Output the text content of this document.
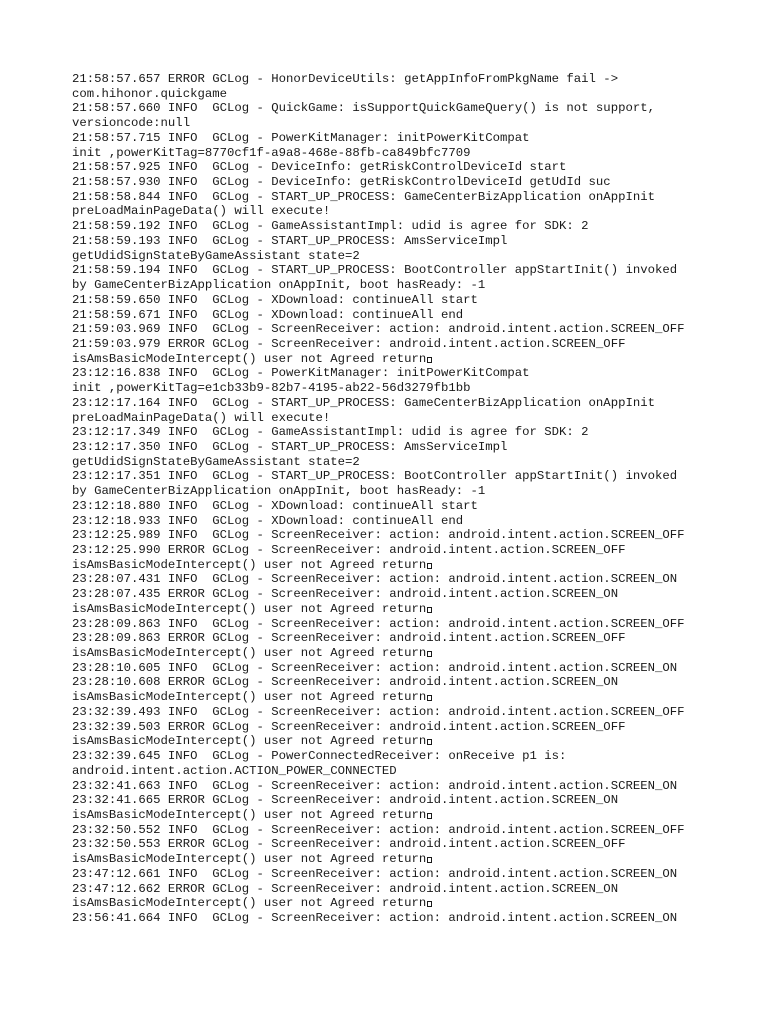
21:58:57.657 ERROR GCLog - HonorDeviceUtils: getAppInfoFromPkgName fail ->
com.hihonor.quickgame
21:58:57.660 INFO  GCLog - QuickGame: isSupportQuickGameQuery() is not support,
versioncode:null
21:58:57.715 INFO  GCLog - PowerKitManager: initPowerKitCompat
init ,powerKitTag=8770cf1f-a9a8-468e-88fb-ca849bfc7709
21:58:57.925 INFO  GCLog - DeviceInfo: getRiskControlDeviceId start
21:58:57.930 INFO  GCLog - DeviceInfo: getRiskControlDeviceId getUdId suc
21:58:58.844 INFO  GCLog - START_UP_PROCESS: GameCenterBizApplication onAppInit
preLoadMainPageData() will execute!
21:58:59.192 INFO  GCLog - GameAssistantImpl: udid is agree for SDK: 2
21:58:59.193 INFO  GCLog - START_UP_PROCESS: AmsServiceImpl
getUdidSignStateByGameAssistant state=2
21:58:59.194 INFO  GCLog - START_UP_PROCESS: BootController appStartInit() invoked
by GameCenterBizApplication onAppInit, boot hasReady: -1
21:58:59.650 INFO  GCLog - XDownload: continueAll start
21:58:59.671 INFO  GCLog - XDownload: continueAll end
21:59:03.969 INFO  GCLog - ScreenReceiver: action: android.intent.action.SCREEN_OFF
21:59:03.979 ERROR GCLog - ScreenReceiver: android.intent.action.SCREEN_OFF
isAmsBasicModeIntercept() user not Agreed return
23:12:16.838 INFO  GCLog - PowerKitManager: initPowerKitCompat
init ,powerKitTag=e1cb33b9-82b7-4195-ab22-56d3279fb1bb
23:12:17.164 INFO  GCLog - START_UP_PROCESS: GameCenterBizApplication onAppInit
preLoadMainPageData() will execute!
23:12:17.349 INFO  GCLog - GameAssistantImpl: udid is agree for SDK: 2
23:12:17.350 INFO  GCLog - START_UP_PROCESS: AmsServiceImpl
getUdidSignStateByGameAssistant state=2
23:12:17.351 INFO  GCLog - START_UP_PROCESS: BootController appStartInit() invoked
by GameCenterBizApplication onAppInit, boot hasReady: -1
23:12:18.880 INFO  GCLog - XDownload: continueAll start
23:12:18.933 INFO  GCLog - XDownload: continueAll end
23:12:25.989 INFO  GCLog - ScreenReceiver: action: android.intent.action.SCREEN_OFF
23:12:25.990 ERROR GCLog - ScreenReceiver: android.intent.action.SCREEN_OFF
isAmsBasicModeIntercept() user not Agreed return
23:28:07.431 INFO  GCLog - ScreenReceiver: action: android.intent.action.SCREEN_ON
23:28:07.435 ERROR GCLog - ScreenReceiver: android.intent.action.SCREEN_ON
isAmsBasicModeIntercept() user not Agreed return
23:28:09.863 INFO  GCLog - ScreenReceiver: action: android.intent.action.SCREEN_OFF
23:28:09.863 ERROR GCLog - ScreenReceiver: android.intent.action.SCREEN_OFF
isAmsBasicModeIntercept() user not Agreed return
23:28:10.605 INFO  GCLog - ScreenReceiver: action: android.intent.action.SCREEN_ON
23:28:10.608 ERROR GCLog - ScreenReceiver: android.intent.action.SCREEN_ON
isAmsBasicModeIntercept() user not Agreed return
23:32:39.493 INFO  GCLog - ScreenReceiver: action: android.intent.action.SCREEN_OFF
23:32:39.503 ERROR GCLog - ScreenReceiver: android.intent.action.SCREEN_OFF
isAmsBasicModeIntercept() user not Agreed return
23:32:39.645 INFO  GCLog - PowerConnectedReceiver: onReceive p1 is:
android.intent.action.ACTION_POWER_CONNECTED
23:32:41.663 INFO  GCLog - ScreenReceiver: action: android.intent.action.SCREEN_ON
23:32:41.665 ERROR GCLog - ScreenReceiver: android.intent.action.SCREEN_ON
isAmsBasicModeIntercept() user not Agreed return
23:32:50.552 INFO  GCLog - ScreenReceiver: action: android.intent.action.SCREEN_OFF
23:32:50.553 ERROR GCLog - ScreenReceiver: android.intent.action.SCREEN_OFF
isAmsBasicModeIntercept() user not Agreed return
23:47:12.661 INFO  GCLog - ScreenReceiver: action: android.intent.action.SCREEN_ON
23:47:12.662 ERROR GCLog - ScreenReceiver: android.intent.action.SCREEN_ON
isAmsBasicModeIntercept() user not Agreed return
23:56:41.664 INFO  GCLog - ScreenReceiver: action: android.intent.action.SCREEN_ON
